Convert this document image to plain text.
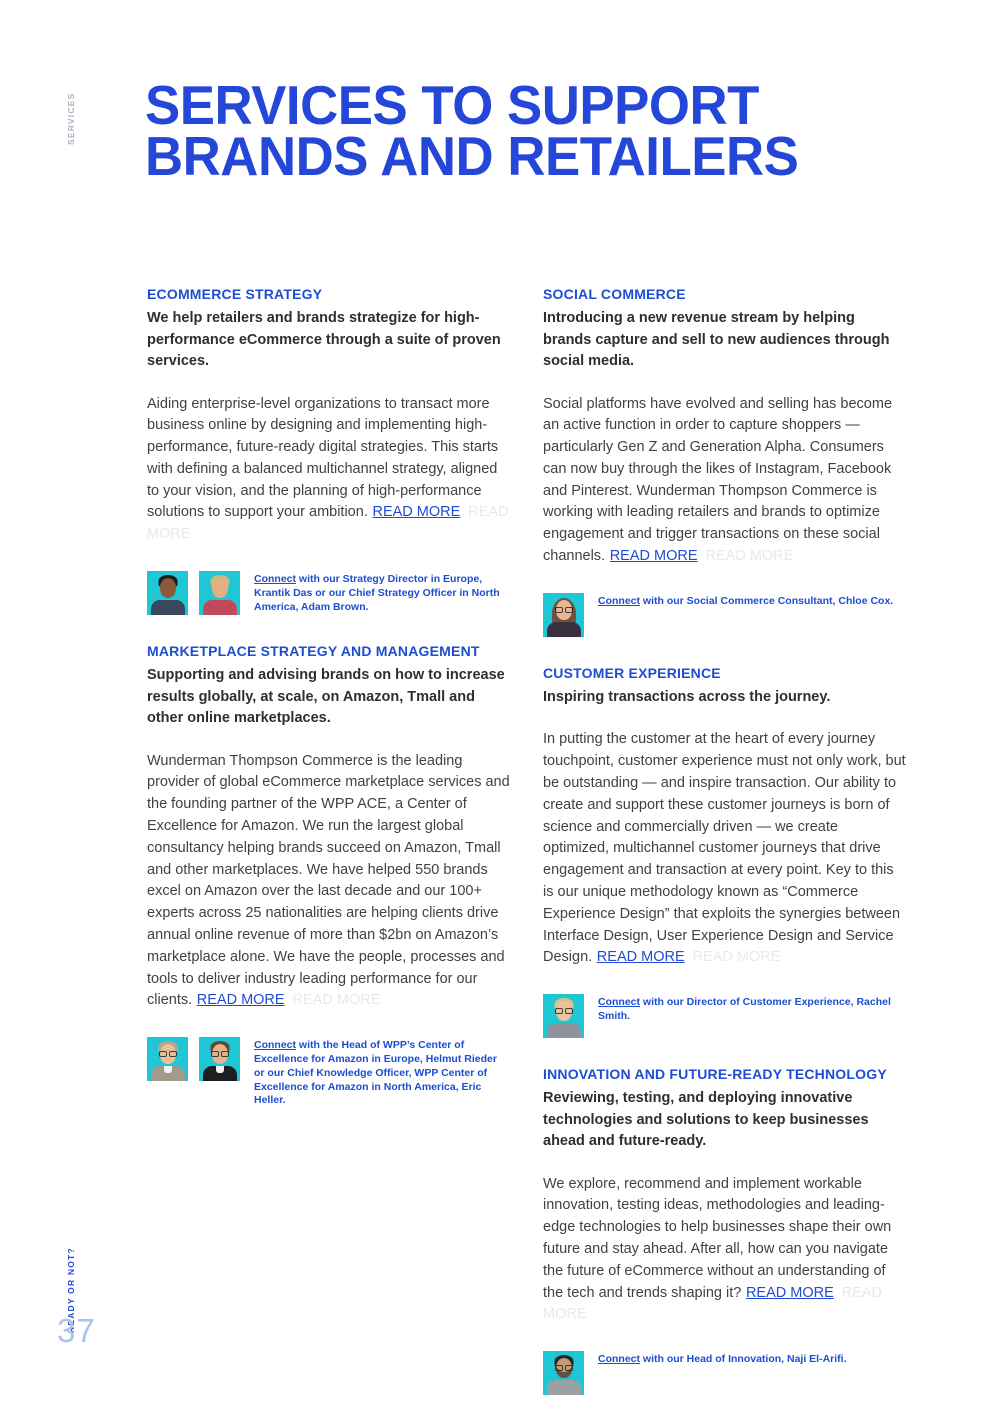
SERVICES
READY OR NOT?
37
SERVICES TO SUPPORT
BRANDS AND RETAILERS
ECOMMERCE STRATEGY

We help retailers and brands strategize for high-performance eCommerce through a suite of proven services.

Aiding enterprise-level organizations to transact more business online by designing and implementing high-performance, future-ready digital strategies. This starts with defining a balanced multichannel strategy, aligned to your vision, and the planning of high-performance solutions to support your ambition. READ MORE READ MORE

Connect with our Strategy Director in Europe, Krantik Das or our Chief Strategy Officer in North America, Adam Brown.

MARKETPLACE STRATEGY AND MANAGEMENT

Supporting and advising brands on how to increase results globally, at scale, on Amazon, Tmall and other online marketplaces.

Wunderman Thompson Commerce is the leading provider of global eCommerce marketplace services and the founding partner of the WPP ACE, a Center of Excellence for Amazon. We run the largest global consultancy helping brands succeed on Amazon, Tmall and other marketplaces. We have helped 550 brands excel on Amazon over the last decade and our 100+ experts across 25 nationalities are helping clients drive annual online revenue of more than $2bn on Amazon’s marketplace alone. We have the people, processes and tools to deliver industry leading performance for our clients. READ MORE READ MORE

Connect with the Head of WPP’s Center of Excellence for Amazon in Europe, Helmut Rieder or our Chief Knowledge Officer, WPP Center of Excellence for Amazon in North America, Eric Heller.

SOCIAL COMMERCE

Introducing a new revenue stream by helping brands capture and sell to new audiences through social media.

Social platforms have evolved and selling has become an active function in order to capture shoppers — particularly Gen Z and Generation Alpha. Consumers can now buy through the likes of Instagram, Facebook and Pinterest. Wunderman Thompson Commerce is working with leading retailers and brands to optimize engagement and trigger transactions on these social channels. READ MORE READ MORE

Connect with our Social Commerce Consultant, Chloe Cox.

CUSTOMER EXPERIENCE

Inspiring transactions across the journey.

In putting the customer at the heart of every journey touchpoint, customer experience must not only work, but be outstanding — and inspire transaction. Our ability to create and support these customer journeys is born of science and commercially driven — we create optimized, multichannel customer journeys that drive engagement and transaction at every point. Key to this is our unique methodology known as “Commerce Experience Design” that exploits the synergies between Interface Design, User Experience Design and Service Design. READ MORE READ MORE

Connect with our Director of Customer Experience, Rachel Smith.

INNOVATION AND FUTURE-READY TECHNOLOGY

Reviewing, testing, and deploying innovative technologies and solutions to keep businesses ahead and future-ready.

We explore, recommend and implement workable innovation, testing ideas, methodologies and leading-edge technologies to help businesses shape their own future and stay ahead. After all, how can you navigate the future of eCommerce without an understanding of the tech and trends shaping it? READ MORE READ MORE

Connect with our Head of Innovation, Naji El-Arifi.
